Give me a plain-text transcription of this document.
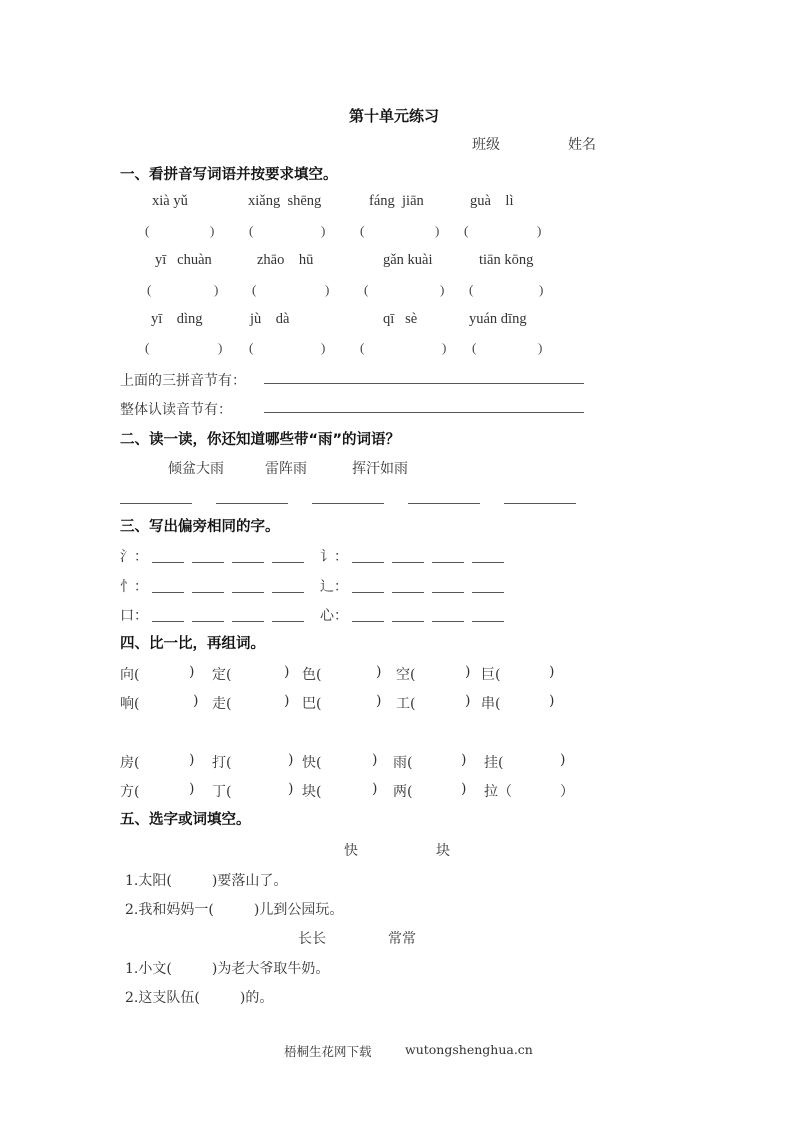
第十单元练习
班级	姓名
一、看拼音写词语并按要求填空。
xià yǔ	xiǎng  shēng	fáng  jiān	guà    lì
(	)	(	)	(	) (	)
yī   chuàn	zhāo    hū	gǎn kuài	tiān kōng
(	)	(	)	(	) (	)
yī    dìng	jù    dà	qī   sè	yuán dīng
(	) (	)	(	) (	)
上面的三拼音节有：
整体认读音节有：
二、读一读，你还知道哪些带“雨”的词语？
倾盆大雨	雷阵雨	挥汗如雨
三、写出偏旁相同的字。
氵：	讠：
忄：	辶：
口：	心：
四、比一比，再组词。
向(	) 定(	) 色(	) 空(	) 巨(	)
响(	) 走(	) 巴(	) 工(	) 串(	)
房(	) 打(	) 快(	) 雨(	) 挂(	)
方(	) 丁(	) 块(	) 两(	) 拉（	）
五、选字或词填空。
快	块
1.太阳(         )要落山了。
2.我和妈妈一(         )儿到公园玩。
长长	常常
1.小文(         )为老大爷取牛奶。
2.这支队伍(         )的。
梧桐生花网下载	wutongshenghua.cn
